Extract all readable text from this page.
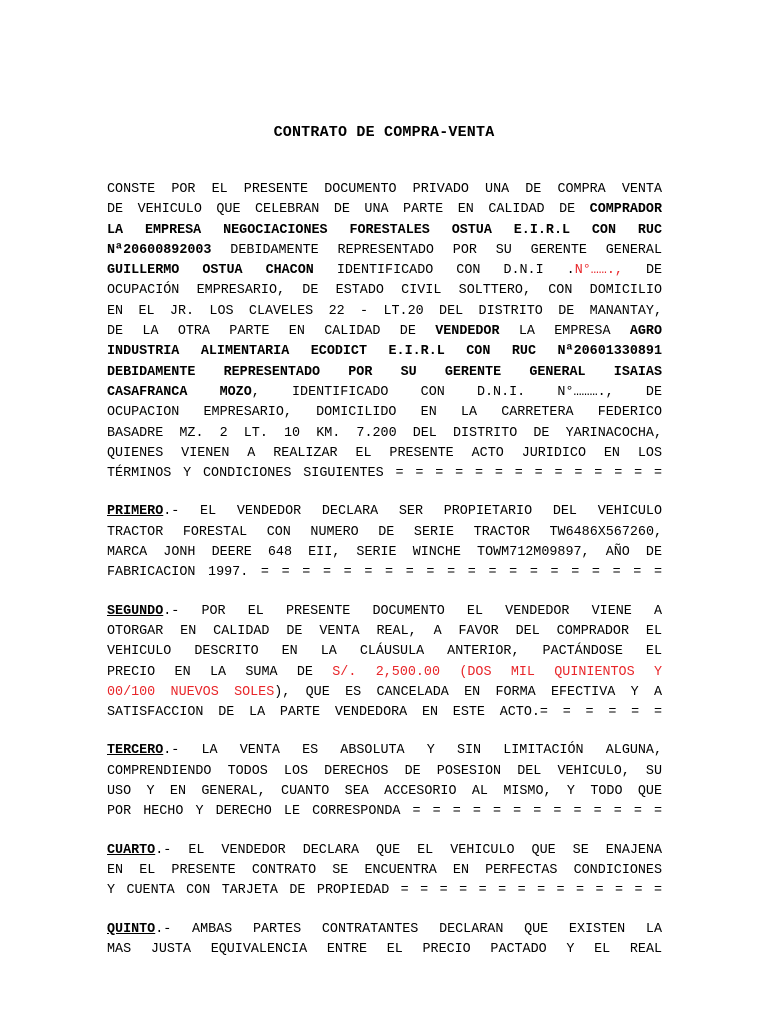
CONTRATO DE COMPRA-VENTA
CONSTE POR EL PRESENTE DOCUMENTO PRIVADO UNA DE COMPRA VENTA
DE VEHICULO QUE CELEBRAN DE UNA PARTE EN CALIDAD DE COMPRADOR
LA EMPRESA NEGOCIACIONES FORESTALES OSTUA E.I.R.L CON RUC
Nª20600892003 DEBIDAMENTE REPRESENTADO POR SU GERENTE GENERAL
GUILLERMO OSTUA CHACON IDENTIFICADO CON D.N.I .N°……., DE
OCUPACIÓN EMPRESARIO, DE ESTADO CIVIL SOLTTERO, CON DOMICILIO
EN EL JR. LOS CLAVELES 22 - LT.20 DEL DISTRITO DE MANANTAY,
DE LA OTRA PARTE EN CALIDAD DE VENDEDOR LA EMPRESA AGRO
INDUSTRIA ALIMENTARIA ECODICT E.I.R.L CON RUC Nª20601330891
DEBIDAMENTE REPRESENTADO POR SU GERENTE GENERAL ISAIAS
CASAFRANCA MOZO, IDENTIFICADO CON D.N.I. N°………., DE
OCUPACION EMPRESARIO, DOMICILIDO EN LA CARRETERA FEDERICO
BASADRE MZ. 2 LT. 10 KM. 7.200 DEL DISTRITO DE YARINACOCHA,
QUIENES VIENEN A REALIZAR EL PRESENTE ACTO JURIDICO EN LOS
TÉRMINOS Y CONDICIONES SIGUIENTES = = = = = = = = = = = = = =
PRIMERO.- EL VENDEDOR DECLARA SER PROPIETARIO DEL VEHICULO
TRACTOR FORESTAL CON NUMERO DE SERIE TRACTOR TW6486X567260,
MARCA JONH DEERE 648 EII, SERIE WINCHE TOWM712M09897, AÑO DE
FABRICACION 1997. = = = = = = = = = = = = = = = = = = = =
SEGUNDO.- POR EL PRESENTE DOCUMENTO EL VENDEDOR VIENE A
OTORGAR EN CALIDAD DE VENTA REAL, A FAVOR DEL COMPRADOR EL
VEHICULO DESCRITO EN LA CLÁUSULA ANTERIOR, PACTÁNDOSE EL
PRECIO EN LA SUMA DE S/. 2,500.00 (DOS MIL QUINIENTOS Y
00/100 NUEVOS SOLES), QUE ES CANCELADA EN FORMA EFECTIVA Y A
SATISFACCION DE LA PARTE VENDEDORA EN ESTE ACTO.= = = = = =
TERCERO.- LA VENTA ES ABSOLUTA Y SIN LIMITACIÓN ALGUNA,
COMPRENDIENDO TODOS LOS DERECHOS DE POSESION DEL VEHICULO, SU
USO Y EN GENERAL, CUANTO SEA ACCESORIO AL MISMO, Y TODO QUE
POR HECHO Y DERECHO LE CORRESPONDA = = = = = = = = = = = = =
CUARTO.- EL VENDEDOR DECLARA QUE EL VEHICULO QUE SE ENAJENA
EN EL PRESENTE CONTRATO SE ENCUENTRA EN PERFECTAS CONDICIONES
Y CUENTA CON TARJETA DE PROPIEDAD = = = = = = = = = = = = = =
QUINTO.- AMBAS PARTES CONTRATANTES DECLARAN QUE EXISTEN LA
MAS JUSTA EQUIVALENCIA ENTRE EL PRECIO PACTADO Y EL REAL
